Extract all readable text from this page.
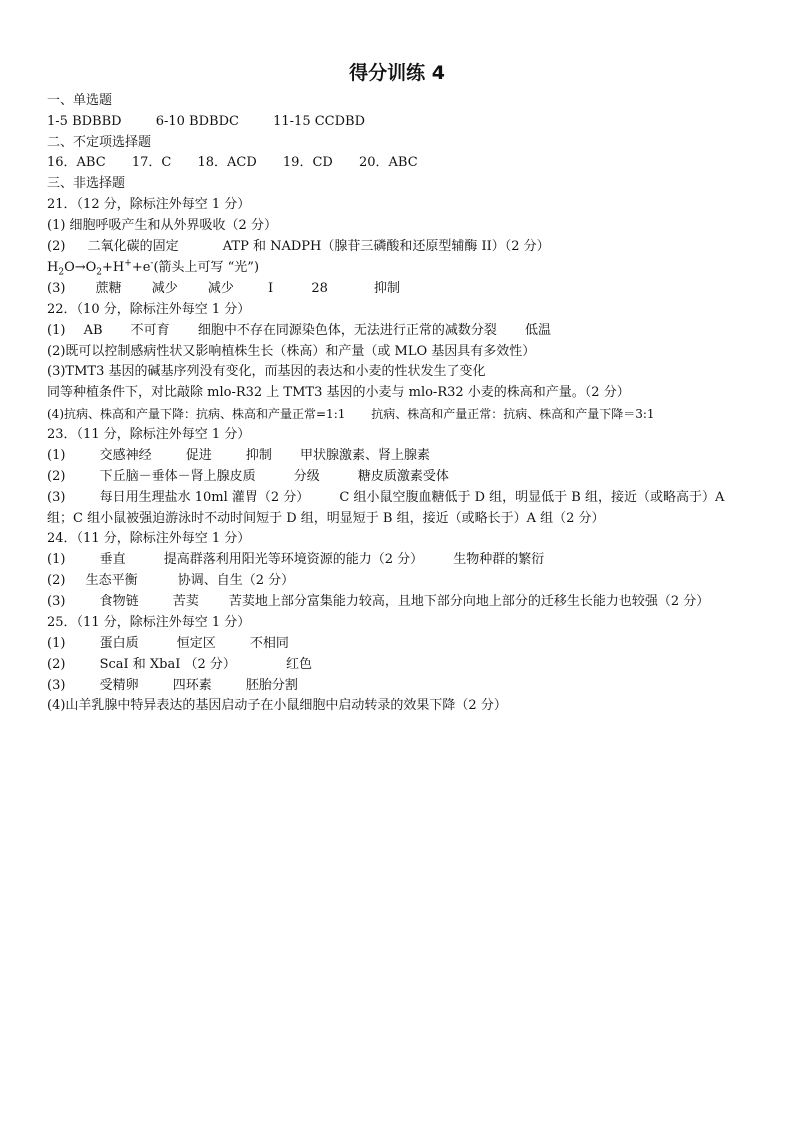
得分训练 4
一、单选题
1-5 BDBBD	6-10 BDBDC	11-15 CCDBD
二、不定项选择题
16．ABC 17．C 18．ACD 19．CD 20．ABC
三、非选择题
21．（12 分，除标注外每空 1 分）
(1) 细胞呼吸产生和从外界吸收（2 分）
(2) 二氧化碳的固定	ATP 和 NADPH（腺苷三磷酸和还原型辅酶 II）（2 分）
$H_2O\to O_2+H^++e^-$(箭头上可写 “光”)
(3) 蔗糖 减少 减少	I	28	抑制
22．（10 分，除标注外每空 1 分）
(1) AB 不可育 细胞中不存在同源染色体，无法进行正常的减数分裂 低温
(2)既可以控制感病性状又影响植株生长（株高）和产量（或 MLO 基因具有多效性）
(3)TMT3 基因的碱基序列没有变化，而基因的表达和小麦的性状发生了变化
同等种植条件下，对比敲除 mlo-R32 上 TMT3 基因的小麦与 mlo-R32 小麦的株高和产量。（2 分）
(4)抗病、株高和产量下降：抗病、株高和产量正常=1:1 抗病、株高和产量正常：抗病、株高和产量下降＝3:1
23．（11 分，除标注外每空 1 分）
(1)	交感神经	促进	抑制 甲状腺激素、肾上腺素
(2)	下丘脑－垂体－肾上腺皮质	分级	糖皮质激素受体
(3)	每日用生理盐水 10ml 灌胃（2 分） C 组小鼠空腹血糖低于 D 组，明显低于 B 组，接近（或略高于）A
组；C 组小鼠被强迫游泳时不动时间短于 D 组，明显短于 B 组，接近（或略长于）A 组（2 分）
24．（11 分，除标注外每空 1 分）
(1)	垂直	提高群落利用阳光等环境资源的能力（2 分） 生物种群的繁衍
(2) 生态平衡	协调、自生（2 分）
(3)	食物链	苦荬 苦荬地上部分富集能力较高，且地下部分向地上部分的迁移生长能力也较强（2 分）
25．（11 分，除标注外每空 1 分）
(1)	蛋白质	恒定区	不相同
(2)	ScaI 和 XbaI （2 分）	红色
(3)	受精卵	四环素	胚胎分割
(4)山羊乳腺中特异表达的基因启动子在小鼠细胞中启动转录的效果下降（2 分）
